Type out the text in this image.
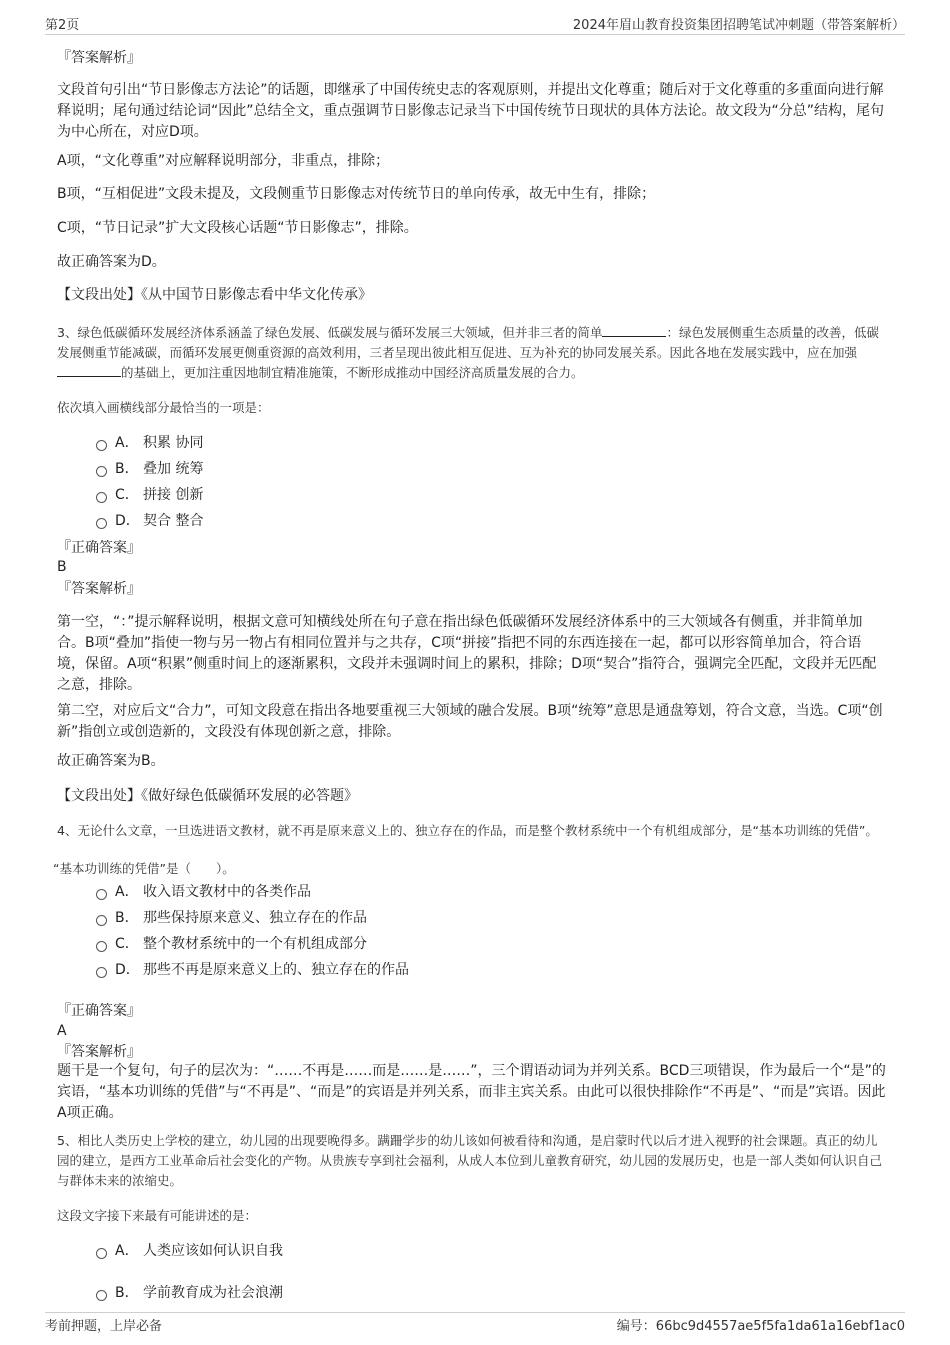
第2页	2024年眉山教育投资集团招聘笔试冲刺题（带答案解析）
『答案解析』
文段首句引出“节日影像志方法论”的话题，即继承了中国传统史志的客观原则，并提出文化尊重；随后对于文化尊重的多重面向进行解释说明；尾句通过结论词“因此”总结全文，重点强调节日影像志记录当下中国传统节日现状的具体方法论。故文段为“分总”结构，尾句为中心所在，对应D项。
A项，“文化尊重”对应解释说明部分，非重点，排除；
B项，“互相促进”文段未提及，文段侧重节日影像志对传统节日的单向传承，故无中生有，排除；
C项，“节日记录”扩大文段核心话题“节日影像志”，排除。
故正确答案为D。
【文段出处】《从中国节日影像志看中华文化传承》
3、绿色低碳循环发展经济体系涵盖了绿色发展、低碳发展与循环发展三大领域，但并非三者的简单	：绿色发展侧重生态质量的改善，低碳发展侧重节能减碳，而循环发展更侧重资源的高效利用，三者呈现出彼此相互促进、互为补充的协同发展关系。因此各地在发展实践中，应在加强的基础上，更加注重因地制宜精准施策，不断形成推动中国经济高质量发展的合力。
依次填入画横线部分最恰当的一项是：
A． 积累 协同
B． 叠加 统筹
C． 拼接 创新
D． 契合 整合
『正确答案』
B
『答案解析』
第一空，“：”提示解释说明，根据文意可知横线处所在句子意在指出绿色低碳循环发展经济体系中的三大领域各有侧重，并非简单加合。B项“叠加”指使一物与另一物占有相同位置并与之共存，C项“拼接”指把不同的东西连接在一起，都可以形容简单加合，符合语境，保留。A项“积累”侧重时间上的逐渐累积，文段并未强调时间上的累积，排除；D项“契合”指符合，强调完全匹配，文段并无匹配之意，排除。
第二空，对应后文“合力”，可知文段意在指出各地要重视三大领域的融合发展。B项“统筹”意思是通盘筹划，符合文意，当选。C项“创新”指创立或创造新的，文段没有体现创新之意，排除。
故正确答案为B。
【文段出处】《做好绿色低碳循环发展的必答题》
4、无论什么文章，一旦选进语文教材，就不再是原来意义上的、独立存在的作品，而是整个教材系统中一个有机组成部分，是“基本功训练的凭借”。
“基本功训练的凭借”是（　　）。
A． 收入语文教材中的各类作品
B． 那些保持原来意义、独立存在的作品
C． 整个教材系统中的一个有机组成部分
D． 那些不再是原来意义上的、独立存在的作品
『正确答案』
A
『答案解析』
题干是一个复句，句子的层次为：“……不再是……而是……是……”，三个谓语动词为并列关系。BCD三项错误，作为最后一个“是”的宾语，“基本功训练的凭借”与“不再是”、“而是”的宾语是并列关系，而非主宾关系。由此可以很快排除作“不再是”、“而是”宾语。因此A项正确。
5、相比人类历史上学校的建立，幼儿园的出现要晚得多。蹒跚学步的幼儿该如何被看待和沟通，是启蒙时代以后才进入视野的社会课题。真正的幼儿园的建立，是西方工业革命后社会变化的产物。从贵族专享到社会福利，从成人本位到儿童教育研究，幼儿园的发展历史，也是一部人类如何认识自己与群体未来的浓缩史。
这段文字接下来最有可能讲述的是：
A． 人类应该如何认识自我
B． 学前教育成为社会浪潮
考前押题，上岸必备	编号：66bc9d4557ae5f5fa1da61a16ebf1ac0
